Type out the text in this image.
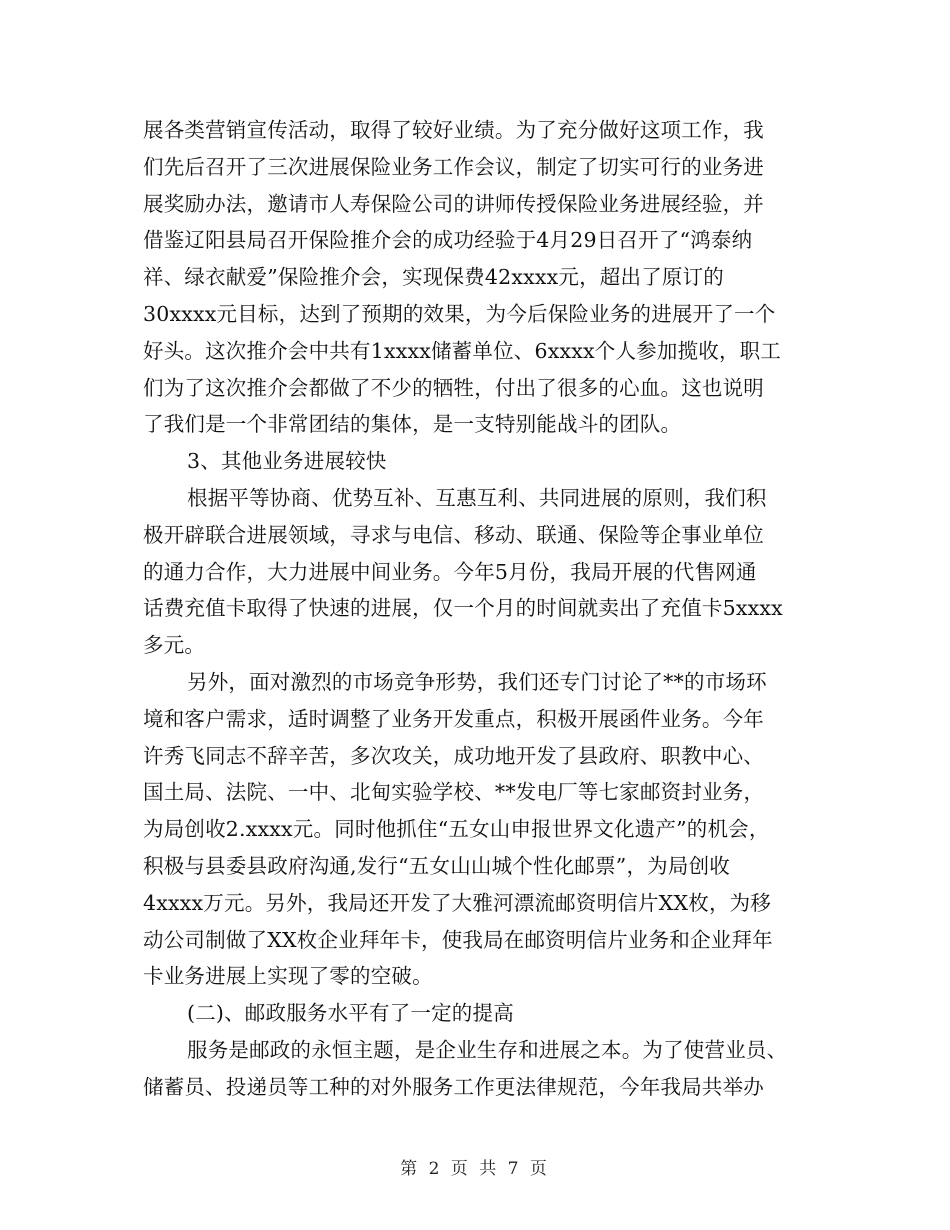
展各类营销宣传活动，取得了较好业绩。为了充分做好这项工作，我
们先后召开了三次进展保险业务工作会议，制定了切实可行的业务进
展奖励办法，邀请市人寿保险公司的讲师传授保险业务进展经验，并
借鉴辽阳县局召开保险推介会的成功经验于4月29日召开了“鸿泰纳
祥、绿衣献爱”保险推介会，实现保费42xxxx元，超出了原订的
30xxxx元目标，达到了预期的效果，为今后保险业务的进展开了一个
好头。这次推介会中共有1xxxx储蓄单位、6xxxx个人参加揽收，职工
们为了这次推介会都做了不少的牺牲，付出了很多的心血。这也说明
了我们是一个非常团结的集体，是一支特别能战斗的团队。
3、其他业务进展较快
根据平等协商、优势互补、互惠互利、共同进展的原则，我们积
极开辟联合进展领域，寻求与电信、移动、联通、保险等企事业单位
的通力合作，大力进展中间业务。今年5月份，我局开展的代售网通
话费充值卡取得了快速的进展，仅一个月的时间就卖出了充值卡5xxxx
多元。
另外，面对激烈的市场竞争形势，我们还专门讨论了**的市场环
境和客户需求，适时调整了业务开发重点，积极开展函件业务。今年
许秀飞同志不辞辛苦，多次攻关，成功地开发了县政府、职教中心、
国土局、法院、一中、北甸实验学校、**发电厂等七家邮资封业务，
为局创收2.xxxx元。同时他抓住“五女山申报世界文化遗产”的机会，
积极与县委县政府沟通,发行“五女山山城个性化邮票”，为局创收
4xxxx万元。另外，我局还开发了大雅河漂流邮资明信片XX枚，为移
动公司制做了XX枚企业拜年卡，使我局在邮资明信片业务和企业拜年
卡业务进展上实现了零的空破。
(二)、邮政服务水平有了一定的提高
服务是邮政的永恒主题，是企业生存和进展之本。为了使营业员、
储蓄员、投递员等工种的对外服务工作更法律规范，今年我局共举办
第 2 页 共 7 页
